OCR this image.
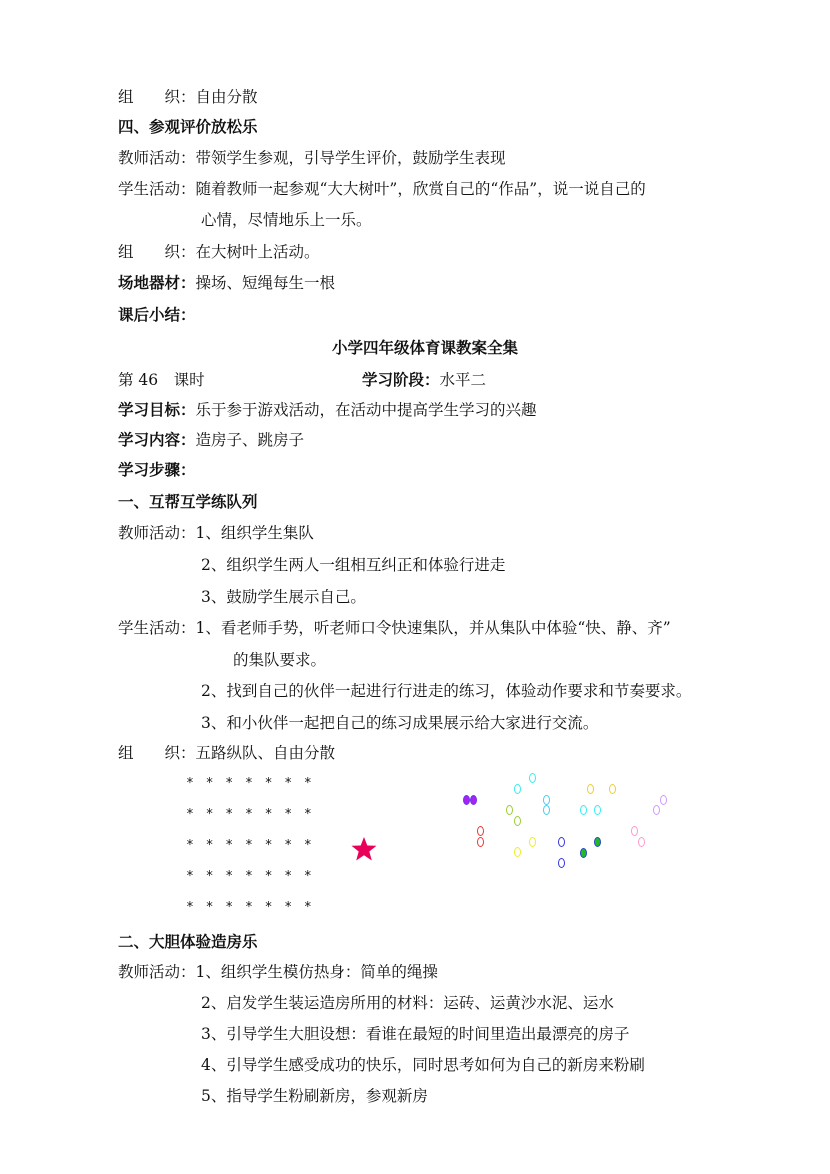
组　　织：自由分散
四、参观评价放松乐
教师活动：带领学生参观，引导学生评价，鼓励学生表现
学生活动：随着教师一起参观“大大树叶”，欣赏自己的“作品”，说一说自己的
心情，尽情地乐上一乐。
组　　织：在大树叶上活动。
场地器材：操场、短绳每生一根
课后小结：
小学四年级体育课教案全集
第 46　课时	学习阶段：水平二
学习目标：乐于参于游戏活动，在活动中提高学生学习的兴趣
学习内容：造房子、跳房子
学习步骤：
一、互帮互学练队列
教师活动：1、组织学生集队
2、组织学生两人一组相互纠正和体验行进走
3、鼓励学生展示自己。
学生活动：1、看老师手势，听老师口令快速集队，并从集队中体验“快、静、齐”
的集队要求。
2、找到自己的伙伴一起进行行进走的练习，体验动作要求和节奏要求。
3、和小伙伴一起把自己的练习成果展示给大家进行交流。
组　　织：五路纵队、自由分散
* * * * * * *
* * * * * * *
* * * * * * *
* * * * * * *
* * * * * * *
二、大胆体验造房乐
教师活动：1、组织学生模仿热身：简单的绳操
2、启发学生装运造房所用的材料：运砖、运黄沙水泥、运水
3、引导学生大胆设想：看谁在最短的时间里造出最漂亮的房子
4、引导学生感受成功的快乐，同时思考如何为自己的新房来粉刷
5、指导学生粉刷新房，参观新房
